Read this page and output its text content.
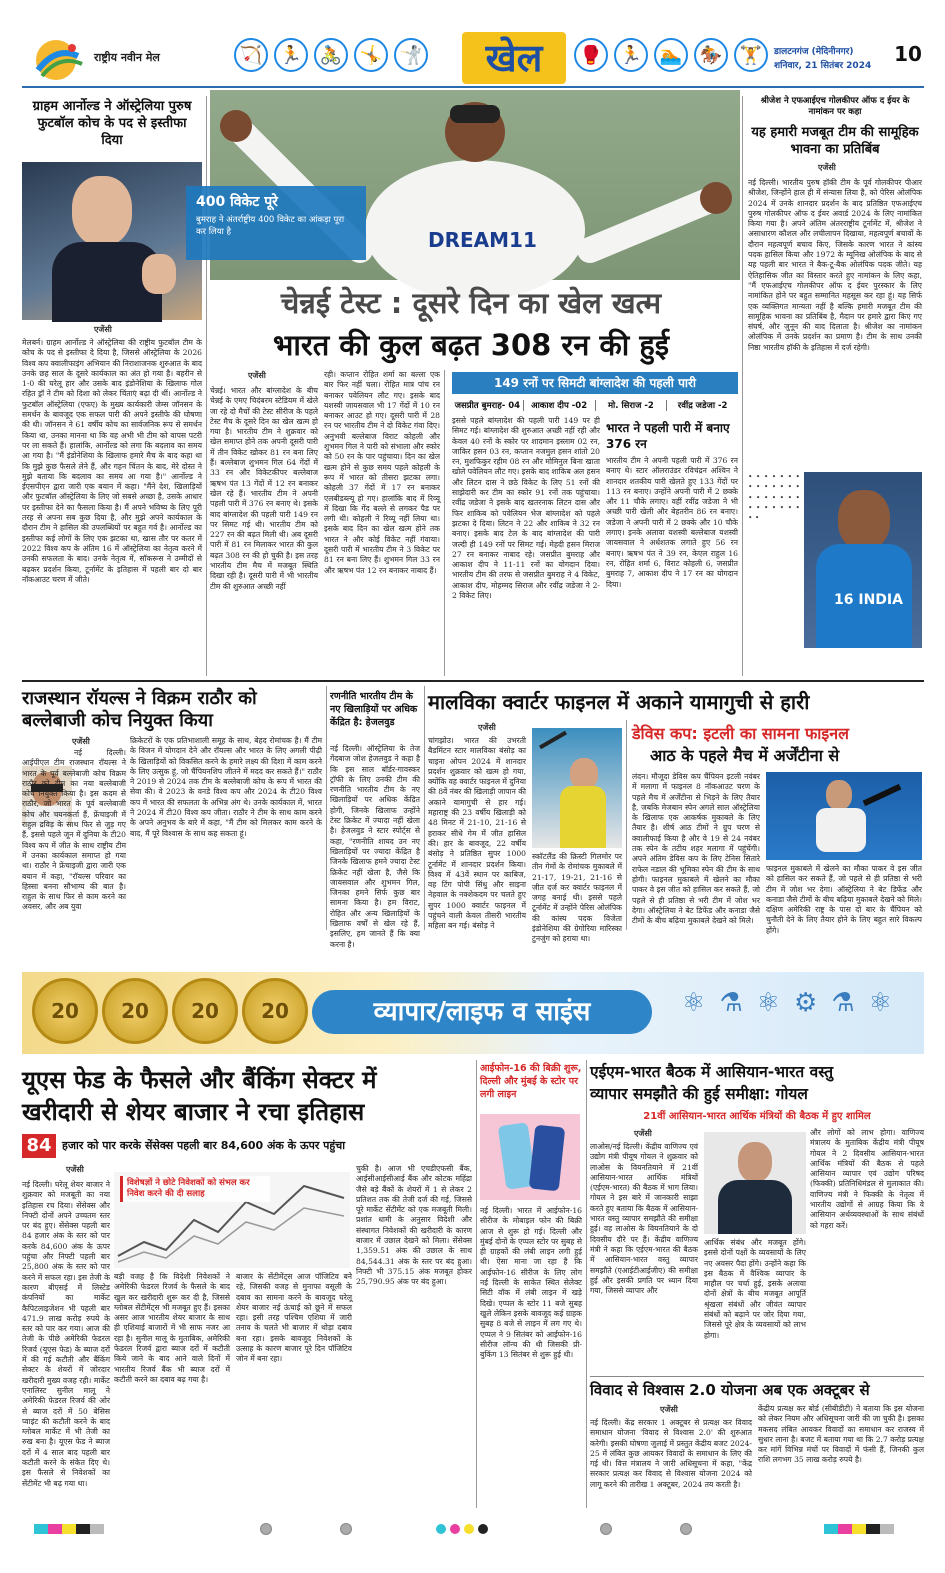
राष्ट्रीय नवीन मेल	🏹 🏃 🚴 🤸 🤺	खेल	🥊 🏃 🏊 🏇 🏋	डालटनगंज (मेदिनीनगर)
शनिवार, 21 सितंबर 2024 10
ग्राहम आर्नोल्ड ने ऑस्ट्रेलिया पुरुष फुटबॉल कोच के पद से इस्तीफा दिया
एजेंसी
मेलबर्न। ग्राहम आर्नोल्ड ने ऑस्ट्रेलिया की राष्ट्रीय फुटबॉल टीम के कोच के पद से इस्तीफा दे दिया है, जिससे ऑस्ट्रेलिया के 2026 विश्व कप क्वालीफाइंग अभियान की निराशाजनक शुरुआत के बाद उनके छह साल के दूसरे कार्यकाल का अंत हो गया है। बहरीन से 1-0 की घरेलू हार और उसके बाद इंडोनेशिया के खिलाफ गोल रहित ड्रॉ ने टीम को दिशा को लेकर चिंताएं बढ़ा दी थीं। आर्नोल्ड ने फुटबॉल ऑस्ट्रेलिया (एफए) के मुख्य कार्यकारी जेम्स जॉनसन के समर्थन के बावजूद एक सफल पारी की अपने इस्तीफे की घोषणा की थी। जॉनसन ने 61 वर्षीय कोच का सार्वजनिक रूप से समर्थन किया था, उनका मानना था कि वह अभी भी टीम को वापस पटरी पर ला सकते हैं। हालांकि, आर्नोल्ड को लगा कि बदलाव का समय आ गया है। "मैं इंडोनेशिया के खिलाफ हमारे मैच के बाद कहा था कि मुझे कुछ फैसले लेने हैं, और गहन चिंतन के बाद, मेरे दोस्त ने मुझे बताया कि बदलाव का समय आ गया है।" आर्नोल्ड ने ईएसपीएन द्वारा जारी एक बयान में कहा। "मैंने देश, खिलाड़ियों और फुटबॉल ऑस्ट्रेलिया के लिए जो सबसे अच्छा है, उसके आधार पर इस्तीफा देने का फैसला किया है। मैं अपने भविष्य के लिए पूरी तरह से अपना सब कुछ दिया है, और मुझे अपने कार्यकाल के दौरान टीम ने हासिल की उपलब्धियों पर बहुत गर्व है। आर्नोल्ड का इस्तीफा कई लोगों के लिए एक झटका था, खास तौर पर कतर में 2022 विश्व कप के अंतिम 16 में ऑस्ट्रेलिया का नेतृत्व करने में उनकी सफलता के बाद। उनके नेतृत्व में, सॉकरूस ने उम्मीदों से बढ़कर प्रदर्शन किया, टूर्नामेंट के इतिहास में पहली बार दो बार नॉकआउट चरण में जीते।
DREAM11
400 विकेट पूरे
बुमराह ने अंतर्राष्ट्रीय 400 विकेट का आंकड़ा पूरा कर लिया है
चेन्नई टेस्ट : दूसरे दिन का खेल खत्म
भारत की कुल बढ़त 308 रन की हुई
एजेंसी
चेन्नई। भारत और बांग्लादेश के बीच चेन्नई के एमए चिदंबरम स्टेडियम में खेले जा रहे दो मैचों की टेस्ट सीरीज के पहले टेस्ट मैच के दूसरे दिन का खेल खत्म हो गया है। भारतीय टीम ने शुक्रवार को खेल समाप्त होने तक अपनी दूसरी पारी में तीन विकेट खोकर 81 रन बना लिए हैं। बल्लेबाज शुभमन गिल 64 गेंदों में 33 रन और विकेटकीपर बल्लेबाज ऋषभ पंत 13 गेंदों में 12 रन बनाकर खेल रहे हैं। भारतीय टीम ने अपनी पहली पारी में 376 रन बनाए थे। इसके बाद बांग्लादेश की पहली पारी 149 रन पर सिमट गई थी। भारतीय टीम को 227 रन की बढ़त मिली थी। अब दूसरी पारी में 81 रन मिलाकर भारत की कुल बढ़त 308 रन की हो चुकी है। इस तरह भारतीय टीम मैच में मजबूत स्थिति दिखा रही है। दूसरी पारी में भी भारतीय टीम की शुरुआत अच्छी नहीं
रही। कप्तान रोहित शर्मा का बल्ला एक बार फिर नहीं चला। रोहित मात्र पांच रन बनाकर पवेलियन लौट गए। इसके बाद यशस्वी जायसवाल भी 17 गेंदों में 10 रन बनाकर आउट हो गए। दूसरी पारी में 28 रन पर भारतीय टीम ने दो विकेट गंवा दिए। अनुभवी बल्लेबाज विराट कोहली और शुभमन गिल ने पारी को संभाला और स्कोर को 50 रन के पार पहुंचाया। दिन का खेल खत्म होने से कुछ समय पहले कोहली के रूप में भारत को तीसरा झटका लगा। कोहली 37 गेंदों में 17 रन बनाकर एलबीडब्ल्यू हो गए। हालांकि बाद में रिव्यू में दिखा कि गेंद बल्ले से लगकर पैड पर लगी थी। कोहली ने रिव्यू नहीं लिया था। इसके बाद दिन का खेल खत्म होने तक भारत ने और कोई विकेट नहीं गंवाया। दूसरी पारी में भारतीय टीम ने 3 विकेट पर 81 रन बना लिए हैं। शुभमन गिल 33 रन और ऋषभ पंत 12 रन बनाकर नाबाद हैं।
149 रनों पर सिमटी बांग्लादेश की पहली पारी
जसप्रीत बुमराह- 04	आकाश दीप -02	मो. सिराज -2	रवींद्र जडेजा -2
इससे पहले बांग्लादेश की पहली पारी 149 पर ही सिमट गई। बांग्लादेश की शुरुआत अच्छी नहीं रही और केवल 40 रनों के स्कोर पर शादमान इस्लाम 02 रन, जाकिर हसन 03 रन, कप्तान नजमुल हसन शांतो 20 रन, मुशफिकुर रहीम 08 रन और मोमिनुल बिना खाता खोले पवेलियन लौट गए। इसके बाद शाकिब अल हसन और लिटन दास ने छठे विकेट के लिए 51 रनों की साझेदारी कर टीम का स्कोर 91 रनों तक पहुंचाया। रवींद्र जडेजा ने इसके बाद खतरनाक लिटन दास और फिर शाकिब को पवेलियन भेज बांग्लादेश को पहले झटका दे दिया। लिटन ने 22 और शाकिब ने 32 रन बनाए। इसके बाद टेल के बाद बांग्लादेश की पारी जल्दी ही 149 रनों पर सिमट गई। मेहदी हसन मिराज 27 रन बनाकर नाबाद रहे। जसप्रीत बुमराह और आकाश दीप ने 11-11 रनों का योगदान दिया। भारतीय टीम की तरफ से जसप्रीत बुमराह ने 4 विकेट, आकाश दीप, मोहम्मद सिराज और रवींद्र जडेजा ने 2-2 विकेट लिए।
भारत ने पहली पारी में बनाए 376 रन
भारतीय टीम ने अपनी पहली पारी में 376 रन बनाए थे। स्टार ऑलराउंडर रविचंद्रन अश्विन ने शानदार शतकीय पारी खेलते हुए 133 गेंदों पर 113 रन बनाए। उन्होंने अपनी पारी में 2 छक्के और 11 चौके लगाए। वहीं रवींद्र जडेजा ने भी अच्छी पारी खेली और बेहतरीन 86 रन बनाए। जडेजा ने अपनी पारी में 2 छक्के और 10 चौके लगाए। इनके अलावा यशस्वी बल्लेबाज यशस्वी जायसवाल ने अर्धशतक लगाते हुए 56 रन बनाए। ऋषभ पंत ने 39 रन, केएल राहुल 16 रन, रोहित शर्मा 6, विराट कोहली 6, जसप्रीत बुमराह 7, आकाश दीप ने 17 रन का योगदान दिया।
श्रीजेश ने एफआईएच गोलकीपर ऑफ द ईयर के नामांकन पर कहा
यह हमारी मजबूत टीम की सामूहिक भावना का प्रतिबिंब
एजेंसी
नई दिल्ली। भारतीय पुरुष हॉकी टीम के पूर्व गोलकीपर पीआर श्रीजेश, जिन्होंने हाल ही में संन्यास लिया है, को पेरिस ओलंपिक 2024 में उनके शानदार प्रदर्शन के बाद प्रतिष्ठित एफआईएच पुरुष गोलकीपर ऑफ द ईयर अवार्ड 2024 के लिए नामांकित किया गया है। अपने अंतिम अंतरराष्ट्रीय टूर्नामेंट में, श्रीजेश ने असाधारण कौशल और लचीलापन दिखाया, महत्वपूर्ण बचावों के दौरान महत्वपूर्ण बचाव किए, जिसके कारण भारत ने कांस्य पदक हासिल किया और 1972 के म्यूनिख ओलंपिक के बाद से यह पहली बार भारत ने बैक-टू-बैक ओलंपिक पदक जीते। यह ऐतिहासिक जीत का विस्तार करते हुए नामांकन के लिए कहा, "मैं एफआईएच गोलकीपर ऑफ द ईयर पुरस्कार के लिए नामांकित होने पर बहुत सम्मानित महसूस कर रहा हूं। यह सिर्फ एक व्यक्तिगत मान्यता नहीं है बल्कि हमारी मजबूत टीम की सामूहिक भावना का प्रतिबिंब है, मैदान पर हमारे द्वारा किए गए संघर्ष, और जुनून की याद दिलाता है। श्रीजेश का नामांकन ओलंपिक में उनके प्रदर्शन का प्रमाण है। टीम के साथ उनकी निष्ठा भारतीय हॉकी के इतिहास में दर्ज रहेगी।
16 INDIA
• • • • • • • • • • • • • • • • • • • • • • • • • • • • • •
राजस्थान रॉयल्स ने विक्रम राठौर को बल्लेबाजी कोच नियुक्त किया
एजेंसी
नई दिल्ली। आईपीएल टीम राजस्थान रॉयल्स ने भारत के पूर्व बल्लेबाजी कोच विक्रम राठौर को टीम का नया बल्लेबाजी कोच नियुक्त किया है। इस कदम से राठौर, जो भारत के पूर्व बल्लेबाजी कोच और चयनकर्ता हैं, फ्रेंचाइजी में राहुल द्रविड़ के साथ फिर से जुड़ गए हैं, इससे पहले जून में दुनिया के टी20 विश्व कप में जीत के साथ राष्ट्रीय टीम में उनका कार्यकाल समाप्त हो गया था। राठौर ने फ्रेंचाइजी द्वारा जारी एक बयान में कहा, "रॉयल्स परिवार का हिस्सा बनना सौभाग्य की बात है। राहुल के साथ फिर से काम करने का अवसर, और अब युवा
क्रिकेटरों के एक प्रतिभाशाली समूह के साथ, बेहद रोमांचक है। मैं टीम के विजन में योगदान देने और रॉयल्स और भारत के लिए अगली पीढ़ी के खिलाड़ियों को विकसित करने के हमारे लक्ष्य की दिशा में काम करने के लिए उत्सुक हूं, जो चैंपियनशिप जीतने में मदद कर सकते हैं।" राठौर ने 2019 से 2024 तक टीम के बल्लेबाजी कोच के रूप में भारत की सेवा की। वे 2023 के वनडे विश्व कप और 2024 के टी20 विश्व कप में भारत की सफलता के अभिन्न अंग थे। उनके कार्यकाल में, भारत ने 2024 में टी20 विश्व कप जीता। राठौर ने टीम के साथ काम करने के अपने अनुभव के बारे में कहा, "मैं टीम को मिलकर काम करने के बाद, मैं पूरे विश्वास के साथ कह सकता हूं।
रणनीति भारतीय टीम के नए खिलाड़ियों पर अधिक केंद्रित है: हेजलवुड
नई दिल्ली। ऑस्ट्रेलिया के तेज गेंदबाज जोश हेजलवुड ने कहा है कि इस साल बॉर्डर-गावस्कर ट्रॉफी के लिए उनकी टीम की रणनीति भारतीय टीम के नए खिलाड़ियों पर अधिक केंद्रित होगी, जिनके खिलाफ उन्होंने टेस्ट क्रिकेट में ज्यादा नहीं खेला है। हेजलवुड ने स्टार स्पोर्ट्स से कहा, "रणनीति शायद उन नए खिलाड़ियों पर ज्यादा केंद्रित है जिनके खिलाफ हमने ज्यादा टेस्ट क्रिकेट नहीं खेला है, जैसे कि जायसवाल और शुभमन गिल, जिनका हमने सिर्फ कुछ बार सामना किया है। हम विराट, रोहित और अन्य खिलाड़ियों के खिलाफ वर्षों से खेल रहे हैं, इसलिए, हम जानते हैं कि क्या करना है।
मालविका क्वार्टर फाइनल में अकाने यामागुची से हारी
एजेंसी
चांगझोउ। भारत की उभरती बैडमिंटन स्टार मालविका बंसोड़ का चाइना ओपन 2024 में शानदार प्रदर्शन शुक्रवार को खत्म हो गया, क्योंकि वह क्वार्टर फाइनल में दुनिया की 8वें नंबर की खिलाड़ी जापान की अकाने यामागुची से हार गई। महाराष्ट्र की 23 वर्षीय खिलाड़ी को 48 मिनट में 21-10, 21-16 से हराकर सीधे गेम में जीत हासिल की। हार के बावजूद, 22 वर्षीय बंसोड़ ने प्रतिष्ठित सुपर 1000 टूर्नामेंट में शानदार प्रदर्शन किया। विश्व में 43वें स्थान पर काबिज, वह टिंग पोपी सिंधु और साइना नेहवाल के नक्शेकदम पर चलते हुए सुपर 1000 क्वार्टर फाइनल में पहुंचने वाली केवल तीसरी भारतीय महिला बन गई। बंसोड़ ने
स्कॉटलैंड की क्रिस्टी गिलमोर पर तीन गेमों के रोमांचक मुकाबले में 21-17, 19-21, 21-16 से जीत दर्ज कर क्वार्टर फाइनल में जगह बनाई थी। इससे पहले टूर्नामेंट में उन्होंने पेरिस ओलंपिक की कांस्य पदक विजेता इंडोनेशिया की ग्रेगोरिया मारिस्का टुनजुंग को हराया था।
डेविस कप: इटली का सामना फाइनल
आठ के पहले मैच में अर्जेंटीना से
लंदन। मौजूदा डेविस कप चैंपियन इटली नवंबर में मलागा में फाइनल 8 नॉकआउट चरण के पहले मैच में अर्जेंटीना से भिड़ने के लिए तैयार है, जबकि मेजबान स्पेन अगले साल ऑस्ट्रेलिया के खिलाफ एक आकर्षक मुकाबले के लिए तैयार है। शीर्ष आठ टीमों ने ग्रुप चरण से क्वालीफाई किया है और वे 19 से 24 नवंबर तक स्पेन के तटीय शहर मलागा में पहुंचेंगी। अपने अंतिम डेविस कप के लिए टेनिस सितारे राफेल नडाल की भूमिका स्पेन की टीम के साथ होगी। फाइनल मुकाबले में खेलने का मौका पाकर वे इस जीत को हासिल कर सकते हैं, जो पहले से ही प्रतिष्ठा से भरी टीम में जोश भर देगा। ऑस्ट्रेलिया ने बेट डिफेंड और कनाडा जैसे टीमों के बीच बढ़िया मुकाबले देखने को मिले।
फाइनल मुकाबले में खेलने का मौका पाकर वे इस जीत को हासिल कर सकते हैं, जो पहले से ही प्रतिष्ठा से भरी टीम में जोश भर देगा। ऑस्ट्रेलिया ने बेट डिफेंड और कनाडा जैसे टीमों के बीच बढ़िया मुकाबले देखने को मिले। दक्षिण अमेरिकी राष्ट्र के पास दो बार के चैंपियन को चुनौती देने के लिए तैयार होने के लिए बहुत सारे विकल्प होंगे।
20	20	20	20	व्यापार/लाइफ व साइंस	⚛ ⚗ ⚛ ⚙ ⚗ ⚛
यूएस फेड के फैसले और बैंकिंग सेक्टर में
खरीदारी से शेयर बाजार ने रचा इतिहास
84 हजार को पार करके सेंसेक्स पहली बार 84,600 अंक के ऊपर पहुंचा
एजेंसी
नई दिल्ली। घरेलू शेयर बाजार ने शुक्रवार को मजबूती का नया इतिहास रच दिया। सेंसेक्स और निफ्टी दोनों अपने उच्चतम स्तर पर बंद हुए। सेंसेक्स पहली बार 84 हजार अंक के स्तर को पार करके 84,600 अंक के ऊपर पहुंचा और निफ्टी पहली बार 25,800 अंक के स्तर को पार करने में सफल रहा। इस तेजी के कारण बीएसई में लिस्टेड कंपनियों का मार्केट कैपिटलाइजेशन भी पहली बार 471.9 लाख करोड़ रुपये के स्तर को पार कर गया। आज की तेजी के पीछे अमेरिकी फेडरल रिजर्व (यूएस फेड) के ब्याज दरों में की गई कटौती और बैंकिंग सेक्टर के शेयरों में जोरदार खरीदारी मुख्य वजह रही। मार्केट एनालिस्ट सुनील मालू ने अमेरिकी फेडरल रिजर्व की ओर से ब्याज दरों में 50 बेसिस प्वाइंट की कटौती करने के बाद ग्लोबल मार्केट में भी तेजी का रुख बना है। यूएस फेड ने ब्याज दरों में 4 साल बाद पहली बार कटौती करने के संकेत दिए थे। इस फैसले से निवेशकों का सेंटीमेंट भी बढ़ गया था।
विशेषज्ञों ने छोटे निवेशकों को संभल कर निवेश करने की दी सलाह
बड़ी वजह है कि विदेशी निवेशकों ने अमेरिकी फेडरल रिजर्व के फैसले के बाद खुल कर खरीदारी शुरू कर दी है, जिससे ग्लोबल सेंटीमेंट्स भी मजबूत हुए हैं। इसका असर आज भारतीय शेयर बाजार के साथ ही एशियाई बाजारों में भी साफ नजर आ रहा है। सुनील मालू के मुताबिक, अमेरिकी फेडरल रिजर्व द्वारा ब्याज दरों में कटौती किये जाने के बाद आने वाले दिनों में भारतीय रिजर्व बैंक भी ब्याज दरों में कटौती करने का दबाव बढ़ गया है।
बाजार के सेंटीमेंट्स आज पॉजिटिव बने रहे, जिसकी वजह से मुनाफा वसूली के दबाव का सामना करने के बावजूद घरेलू शेयर बाजार नई ऊंचाई को छूने में सफल रहा। इसी तरह पश्चिम एशिया में जारी तनाव के चलते भी बाजार में थोड़ा दबाव बना रहा। इसके बावजूद निवेशकों के उत्साह के कारण बाजार पूरे दिन पॉजिटिव जोन में बना रहा।
चुकी है। आज भी एचडीएफसी बैंक, आईसीआईसीआई बैंक और कोटक महिंद्रा जैसे बड़े बैंकों के शेयरों में 1 से लेकर 2 प्रतिशत तक की तेजी दर्ज की गई, जिससे पूरे मार्केट सेंटीमेंट को एक मजबूती मिली। प्रशांत धामी के अनुसार विदेशी और संस्थागत निवेशकों की खरीदारी के कारण बाजार में उछाल देखने को मिला। सेंसेक्स 1,359.51 अंक की उछाल के साथ 84,544.31 अंक के स्तर पर बंद हुआ। निफ्टी भी 375.15 अंक मजबूत होकर 25,790.95 अंक पर बंद हुआ।
आईफोन-16 की बिक्री शुरू, दिल्ली और मुंबई के स्टोर पर लगी लाइन
नई दिल्ली। भारत में आईफोन-16 सीरीज के मोबाइल फोन की बिक्री आज से शुरू हो गई। दिल्ली और मुंबई दोनों के एप्पल स्टोर पर सुबह से ही ग्राहकों की लंबी लाइन लगी हुई थी। ऐसा माना जा रहा है कि आईफोन-16 सीरीज के लिए लोग नई दिल्ली के साकेत स्थित सेलेक्ट सिटी वॉक में लंबी लाइन में खड़े दिखे। एप्पल के स्टोर 11 बजे सुबह खुले लेकिन इसके बावजूद कई ग्राहक सुबह 8 बजे से लाइन में लग गए थे। एप्पल ने 9 सितंबर को आईफोन-16 सीरीज लॉन्च की थी जिसकी प्री-बुकिंग 13 सितंबर से शुरू हुई थी।
एईएम-भारत बैठक में आसियान-भारत वस्तु
व्यापार समझौते की हुई समीक्षा: गोयल
21वीं आसियान-भारत आर्थिक मंत्रियों की बैठक में हुए शामिल
एजेंसी
लाओस/नई दिल्ली। केंद्रीय वाणिज्य एवं उद्योग मंत्री पीयूष गोयल ने शुक्रवार को लाओस के वियनतियाने में 21वीं आसियान-भारत आर्थिक मंत्रियों (एईएम-भारत) की बैठक में भाग लिया। गोयल ने इस बारे में जानकारी साझा करते हुए बताया कि बैठक में आसियान-भारत वस्तु व्यापार समझौते की समीक्षा हुई। वह लाओस के वियनतियाने के दो दिवसीय दौरे पर हैं। केंद्रीय वाणिज्य मंत्री ने कहा कि एईएम-भारत की बैठक में आसियान-भारत वस्तु व्यापार समझौते (एआईटीआईजीए) की समीक्षा हुई और इसकी प्रगति पर ध्यान दिया गया, जिससे व्यापार और
आर्थिक संबंध और मजबूत होंगे। इससे दोनों पक्षों के व्यवसायों के लिए नए अवसर पैदा होंगे। उन्होंने कहा कि इस बैठक में वैश्विक व्यापार के माहौल पर चर्चा हुई, इसके अलावा दोनों क्षेत्रों के बीच मजबूत आपूर्ति श्रृंखला संबंधों और जीवंत व्यापार संबंधों को बढ़ाने पर जोर दिया गया, जिससे पूरे क्षेत्र के व्यवसायों को लाभ होगा।
और लोगों को लाभ होगा। वाणिज्य मंत्रालय के मुताबिक केंद्रीय मंत्री पीयूष गोयल ने 2 दिवसीय आसियान-भारत आर्थिक मंत्रियों की बैठक से पहले आसियान व्यापार एवं उद्योग परिषद (फिक्की) प्रतिनिधिमंडल से मुलाकात की। वाणिज्य मंत्री ने फिक्की के नेतृत्व में भारतीय उद्योगों से आग्रह किया कि वे आसियान अर्थव्यवस्थाओं के साथ संबंधों को गहरा करें।
विवाद से विश्वास 2.0 योजना अब एक अक्टूबर से
एजेंसी
नई दिल्ली। केंद्र सरकार 1 अक्टूबर से प्रत्यक्ष कर विवाद समाधान योजना 'विवाद से विश्वास 2.0' की शुरुआत करेगी। इसकी घोषणा जुलाई में प्रस्तुत केंद्रीय बजट 2024-25 में लंबित कुछ आयकर विवादों के समाधान के लिए की गई थी। वित्त मंत्रालय ने जारी अधिसूचना में कहा, "केंद्र सरकार प्रत्यक्ष कर विवाद से विश्वास योजना 2024 को लागू करने की तारीख 1 अक्टूबर, 2024 तय करती है।
केंद्रीय प्रत्यक्ष कर बोर्ड (सीबीडीटी) ने बताया कि इस योजना को लेकर नियम और अधिसूचना जारी की जा चुकी है। इसका मकसद लंबित आयकर विवादों का समाधान कर राजस्व में सुधार लाना है। बजट में बताया गया था कि 2.7 करोड़ प्रत्यक्ष कर मांगें विभिन्न मंचों पर विवादों में फंसी हैं, जिनकी कुल राशि लगभग 35 लाख करोड़ रुपये है।
